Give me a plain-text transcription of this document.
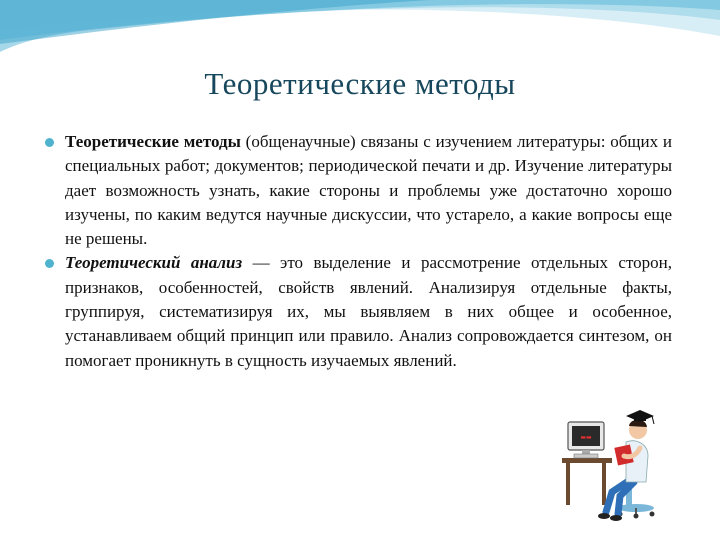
Теоретические методы

Теоретические методы (общенаучные) связаны с изучением литературы: общих и специальных работ; документов; периодической печати и др. Изучение литературы дает возможность узнать, какие стороны и проблемы уже достаточно хорошо изучены, по каким ведутся научные дискуссии, что устарело, а какие вопросы еще не решены.

Теоретический анализ — это выделение и рассмотрение отдельных сторон, признаков, особенностей, свойств явлений. Анализируя отдельные факты, группируя, систематизируя их, мы выявляем в них общее и особенное, устанавливаем общий принцип или правило. Анализ сопровождается синтезом, он помогает проникнуть в сущность изучаемых явлений.

▬▬
